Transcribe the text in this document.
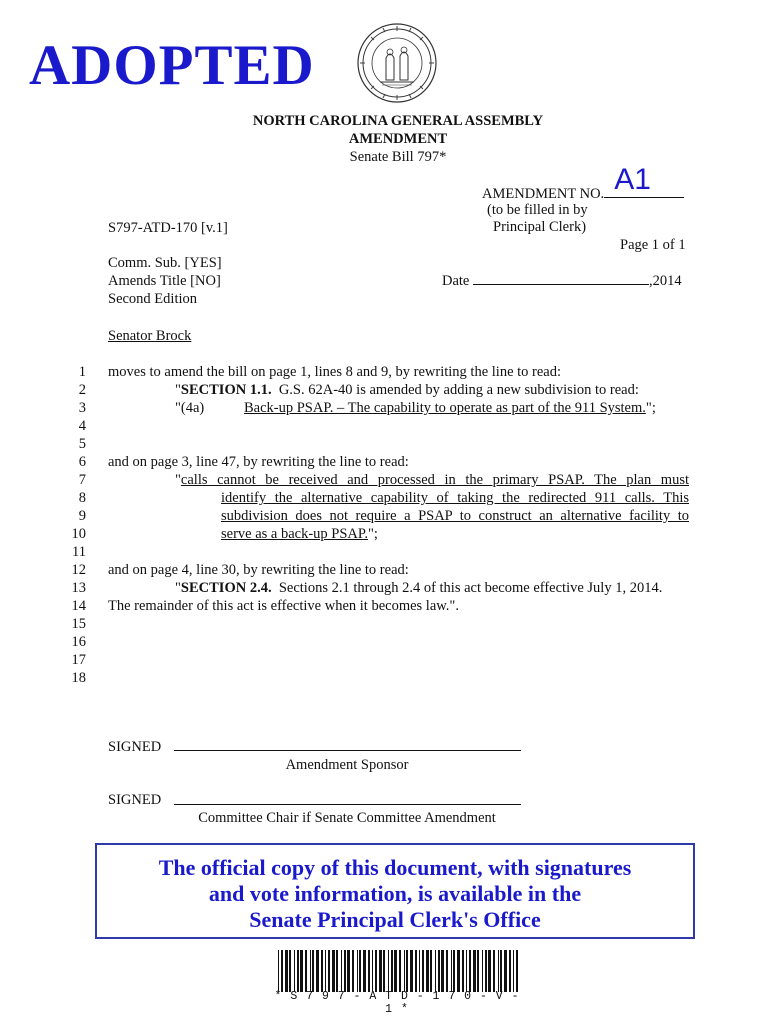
ADOPTED
NORTH CAROLINA GENERAL ASSEMBLY
AMENDMENT
Senate Bill 797*
AMENDMENT NO. A1
(to be filled in by
Principal Clerk)
Page 1 of 1
S797-ATD-170 [v.1]
Comm. Sub. [YES]
Amends Title [NO]
Second Edition
Date	,2014
Senator Brock
1
2
3
4
5
6
7
8
9
10
11
12
13
14
15
16
17
18
moves to amend the bill on page 1, lines 8 and 9, by rewriting the line to read:
"SECTION 1.1.  G.S. 62A-40 is amended by adding a new subdivision to read:
"(4a)	Back-up PSAP. – The capability to operate as part of the 911 System.";
and on page 3, line 47, by rewriting the line to read:
"calls cannot be received and processed in the primary PSAP. The plan must
identify the alternative capability of taking the redirected 911 calls. This
subdivision does not require a PSAP to construct an alternative facility to
serve as a back-up PSAP.";
and on page 4, line 30, by rewriting the line to read:
"SECTION 2.4.  Sections 2.1 through 2.4 of this act become effective July 1, 2014.
The remainder of this act is effective when it becomes law.".
SIGNED
Amendment Sponsor
SIGNED
Committee Chair if Senate Committee Amendment
The official copy of this document, with signatures
and vote information, is available in the
Senate Principal Clerk's Office
* S 7 9 7 - A T D - 1 7 0 - V - 1 *
